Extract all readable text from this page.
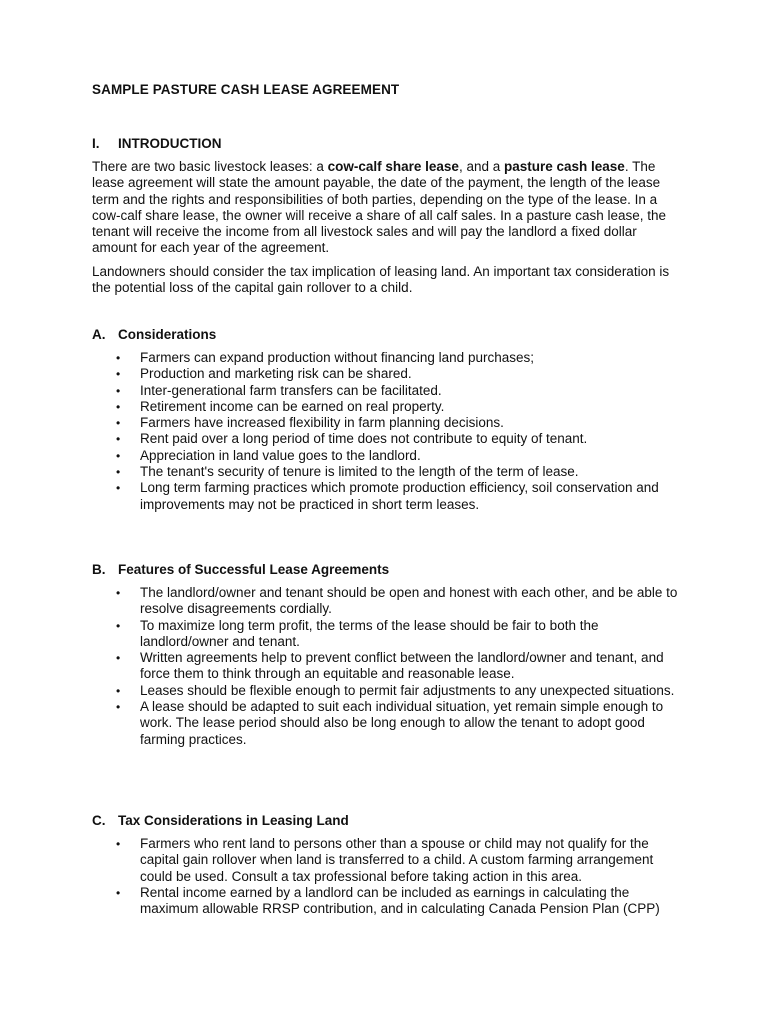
SAMPLE PASTURE CASH LEASE AGREEMENT
I. INTRODUCTION
There are two basic livestock leases: a cow-calf share lease, and a pasture cash lease. The lease agreement will state the amount payable, the date of the payment, the length of the lease term and the rights and responsibilities of both parties, depending on the type of the lease. In a cow-calf share lease, the owner will receive a share of all calf sales. In a pasture cash lease, the tenant will receive the income from all livestock sales and will pay the landlord a fixed dollar amount for each year of the agreement.
Landowners should consider the tax implication of leasing land. An important tax consideration is the potential loss of the capital gain rollover to a child.
A. Considerations
• Farmers can expand production without financing land purchases;
• Production and marketing risk can be shared.
• Inter-generational farm transfers can be facilitated.
• Retirement income can be earned on real property.
• Farmers have increased flexibility in farm planning decisions.
• Rent paid over a long period of time does not contribute to equity of tenant.
• Appreciation in land value goes to the landlord.
• The tenant's security of tenure is limited to the length of the term of lease.
• Long term farming practices which promote production efficiency, soil conservation and improvements may not be practiced in short term leases.
B. Features of Successful Lease Agreements
• The landlord/owner and tenant should be open and honest with each other, and be able to resolve disagreements cordially.
• To maximize long term profit, the terms of the lease should be fair to both the landlord/owner and tenant.
• Written agreements help to prevent conflict between the landlord/owner and tenant, and force them to think through an equitable and reasonable lease.
• Leases should be flexible enough to permit fair adjustments to any unexpected situations.
• A lease should be adapted to suit each individual situation, yet remain simple enough to work. The lease period should also be long enough to allow the tenant to adopt good farming practices.
C. Tax Considerations in Leasing Land
• Farmers who rent land to persons other than a spouse or child may not qualify for the capital gain rollover when land is transferred to a child. A custom farming arrangement could be used. Consult a tax professional before taking action in this area.
• Rental income earned by a landlord can be included as earnings in calculating the maximum allowable RRSP contribution, and in calculating Canada Pension Plan (CPP)
